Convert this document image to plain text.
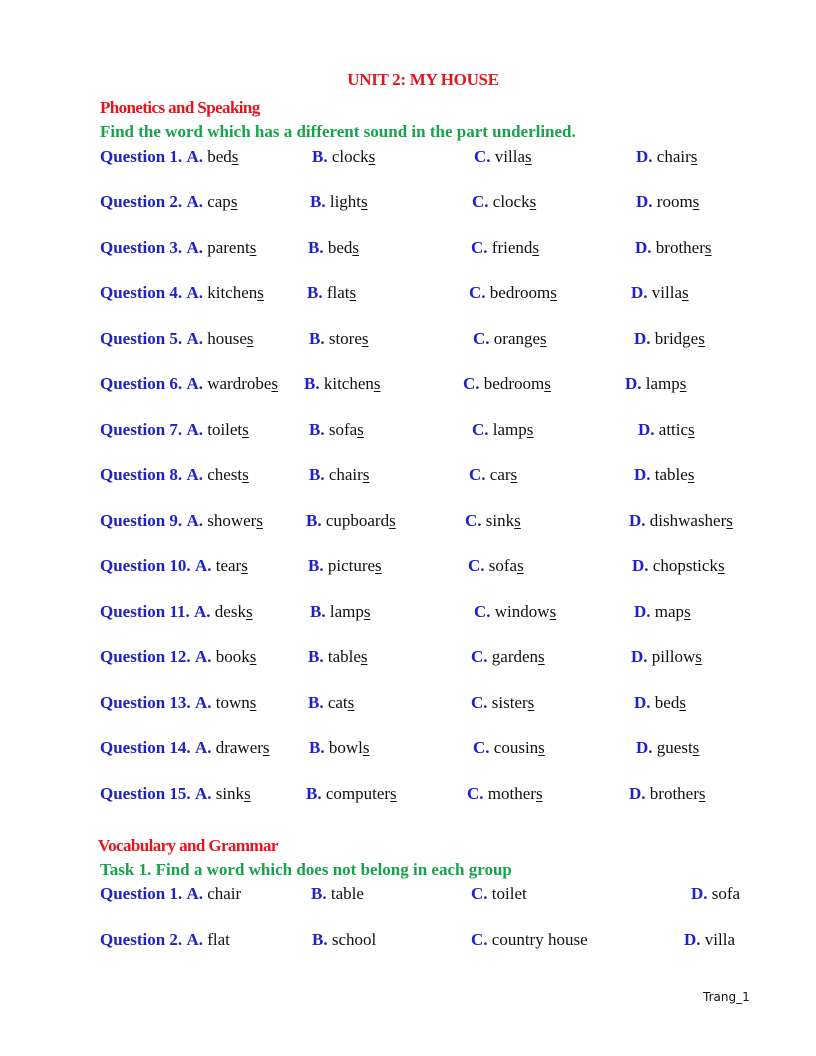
UNIT 2: MY HOUSE
Phonetics and Speaking
Find the word which has a different sound in the part underlined.
Question 1. A. beds	B. clocks	C. villas	D. chairs
Question 2. A. caps	B. lights	C. clocks	D. rooms
Question 3. A. parents	B. beds	C. friends	D. brothers
Question 4. A. kitchens	B. flats	C. bedrooms	D. villas
Question 5. A. houses	B. stores	C. oranges	D. bridges
Question 6. A. wardrobes B. kitchens	C. bedrooms	D. lamps
Question 7. A. toilets	B. sofas	C. lamps	D. attics
Question 8. A. chests	B. chairs	C. cars	D. tables
Question 9. A. showers	B. cupboards	C. sinks	D. dishwashers
Question 10. A. tears	B. pictures	C. sofas	D. chopsticks
Question 11. A. desks	B. lamps	C. windows	D. maps
Question 12. A. books	B. tables	C. gardens	D. pillows
Question 13. A. towns	B. cats	C. sisters	D. beds
Question 14. A. drawers B. bowls	C. cousins	D. guests
Question 15. A. sinks	B. computers	C. mothers	D. brothers
Vocabulary and Grammar
Task 1. Find a word which does not belong in each group
Question 1. A. chair	B. table	C. toilet	D. sofa
Question 2. A. flat	B. school	C. country house	D. villa
Trang_1
